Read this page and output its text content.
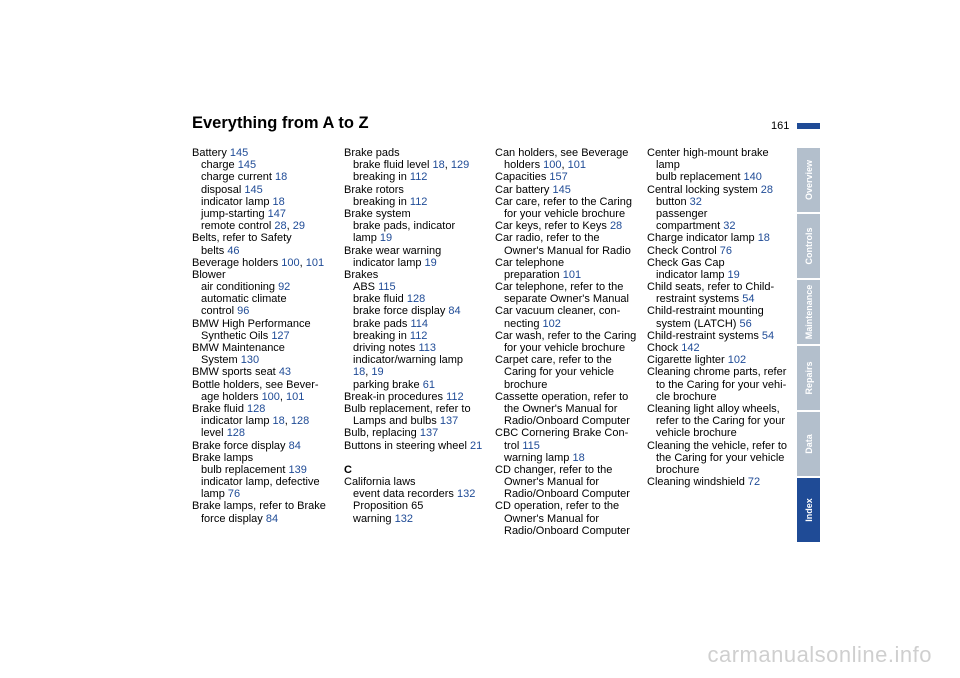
Everything from A to Z	161
Battery 145
charge 145
charge current 18
disposal 145
indicator lamp 18
jump-starting 147
remote control 28, 29
Belts, refer to Safety
belts 46
Beverage holders 100, 101
Blower
air conditioning 92
automatic climate
control 96
BMW High Performance
Synthetic Oils 127
BMW Maintenance
System 130
BMW sports seat 43
Bottle holders, see Bever-
age holders 100, 101
Brake fluid 128
indicator lamp 18, 128
level 128
Brake force display 84
Brake lamps
bulb replacement 139
indicator lamp, defective
lamp 76
Brake lamps, refer to Brake
force display 84
Brake pads
brake fluid level 18, 129
breaking in 112
Brake rotors
breaking in 112
Brake system
brake pads, indicator
lamp 19
Brake wear warning
indicator lamp 19
Brakes
ABS 115
brake fluid 128
brake force display 84
brake pads 114
breaking in 112
driving notes 113
indicator/warning lamp
18, 19
parking brake 61
Break-in procedures 112
Bulb replacement, refer to
Lamps and bulbs 137
Bulb, replacing 137
Buttons in steering wheel 21
C
California laws
event data recorders 132
Proposition 65
warning 132
Can holders, see Beverage
holders 100, 101
Capacities 157
Car battery 145
Car care, refer to the Caring
for your vehicle brochure
Car keys, refer to Keys 28
Car radio, refer to the
Owner's Manual for Radio
Car telephone
preparation 101
Car telephone, refer to the
separate Owner's Manual
Car vacuum cleaner, con-
necting 102
Car wash, refer to the Caring
for your vehicle brochure
Carpet care, refer to the
Caring for your vehicle
brochure
Cassette operation, refer to
the Owner's Manual for
Radio/Onboard Computer
CBC Cornering Brake Con-
trol 115
warning lamp 18
CD changer, refer to the
Owner's Manual for
Radio/Onboard Computer
CD operation, refer to the
Owner's Manual for
Radio/Onboard Computer
Center high-mount brake
lamp
bulb replacement 140
Central locking system 28
button 32
passenger
compartment 32
Charge indicator lamp 18
Check Control 76
Check Gas Cap
indicator lamp 19
Child seats, refer to Child-
restraint systems 54
Child-restraint mounting
system (LATCH) 56
Child-restraint systems 54
Chock 142
Cigarette lighter 102
Cleaning chrome parts, refer
to the Caring for your vehi-
cle brochure
Cleaning light alloy wheels,
refer to the Caring for your
vehicle brochure
Cleaning the vehicle, refer to
the Caring for your vehicle
brochure
Cleaning windshield 72
Overview
Controls
Maintenance
Repairs
Data
Index
carmanualsonline.info
